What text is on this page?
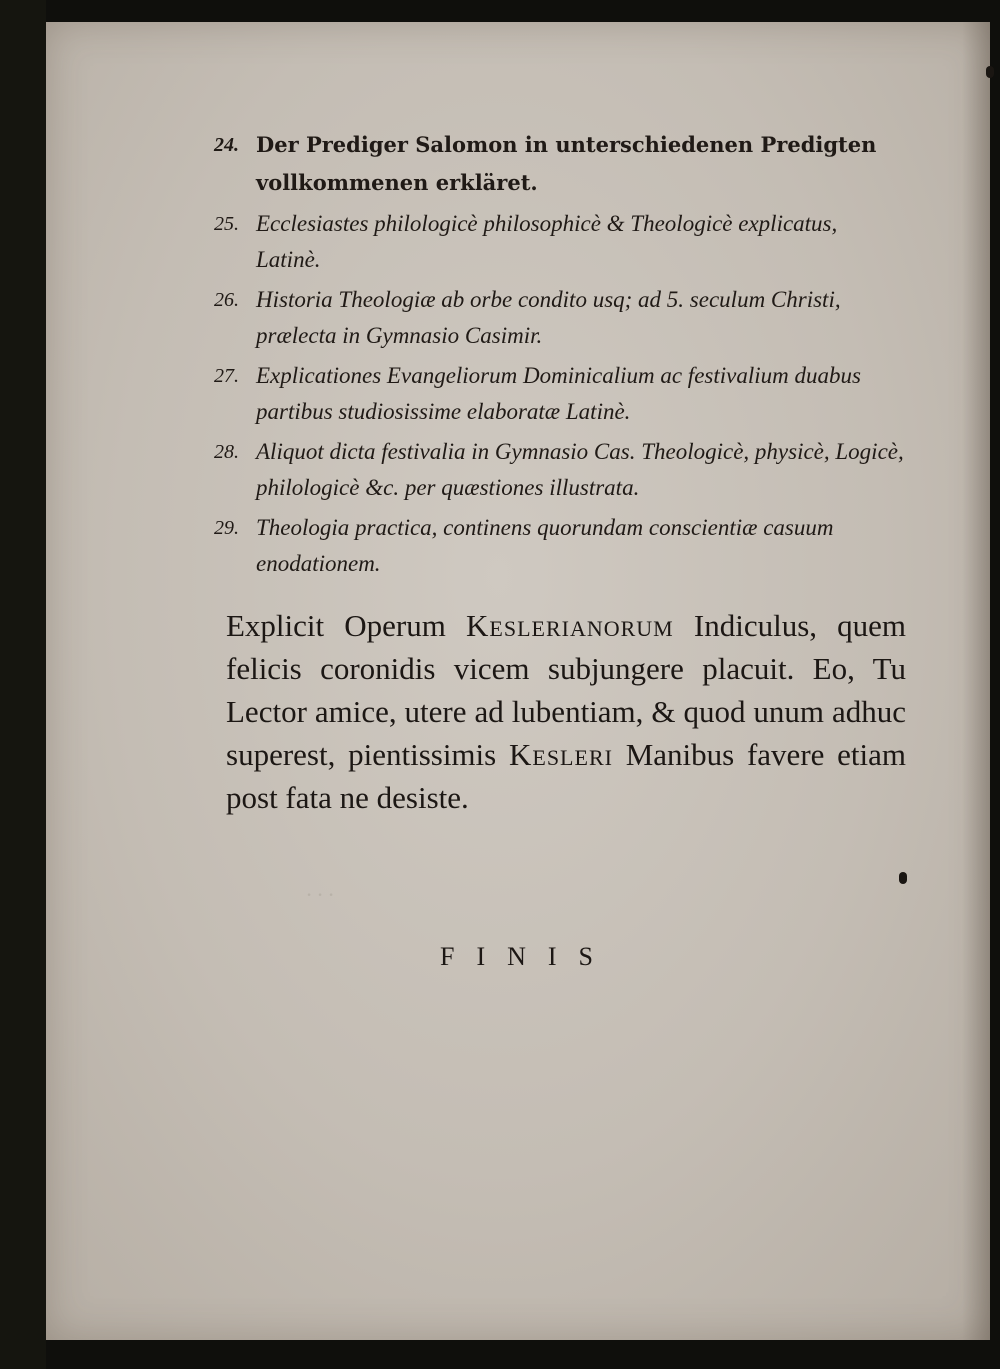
· · ·
24. Der Prediger Salomon in unterschiedenen Predigten vollkommenen erkläret.
25. Ecclesiastes philologicè philosophicè & Theologicè explicatus, Latinè.
26. Historia Theologiæ ab orbe condito usq; ad 5. seculum Christi, prælecta in Gymnasio Casimir.
27. Explicationes Evangeliorum Dominicalium ac festivalium duabus partibus studiosissime elaboratæ Latinè.
28. Aliquot dicta festivalia in Gymnasio Cas. Theologicè, physicè, Logicè, philologicè &c. per quæstiones illustrata.
29. Theologia practica, continens quorundam conscientiæ casuum enodationem.
Explicit Operum Keslerianorum Indiculus, quem felicis coronidis vicem subjungere placuit. Eo, Tu Lector amice, utere ad lubentiam, & quod unum adhuc superest, pientissimis Kesleri Manibus favere etiam post fata ne desiste.
FINIS
